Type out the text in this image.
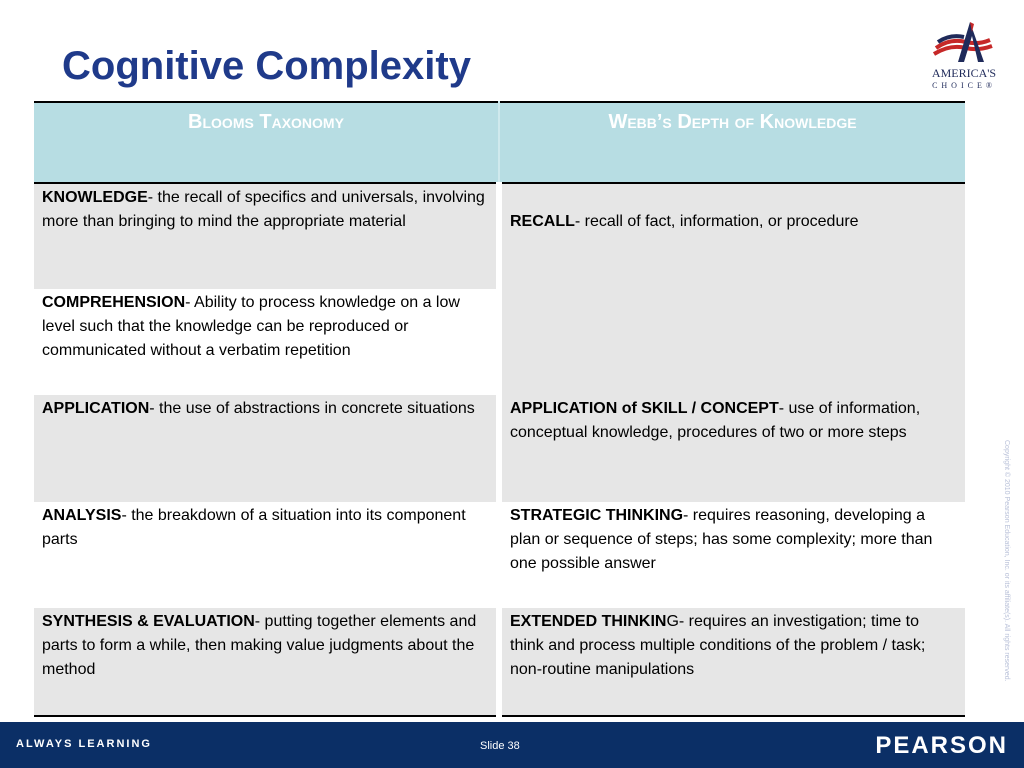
Cognitive Complexity	AMERICA'S
CHOICE®
Copyright © 2010 Pearson Education, Inc. or its affiliate(s). All rights reserved.
Blooms Taxonomy	Webb’s Depth of Knowledge
KNOWLEDGE- the recall of specifics and universals, involving more than bringing to mind the appropriate material	RECALL- recall of fact, information, or procedure
COMPREHENSION- Ability to process knowledge on a low level such that the knowledge can be reproduced or communicated without a verbatim repetition	
APPLICATION- the use of abstractions in concrete situations	APPLICATION of SKILL / CONCEPT- use of information, conceptual knowledge, procedures of two or more steps
ANALYSIS- the breakdown of a situation into its component parts	STRATEGIC THINKING- requires reasoning, developing a plan or sequence of steps; has some complexity; more than one possible answer
SYNTHESIS & EVALUATION- putting together elements and parts to form a while, then making value judgments about the method	EXTENDED THINKING- requires an investigation; time to think and process multiple conditions of the problem / task; non-routine manipulations
ALWAYS LEARNING	Slide 38	PEARSON
